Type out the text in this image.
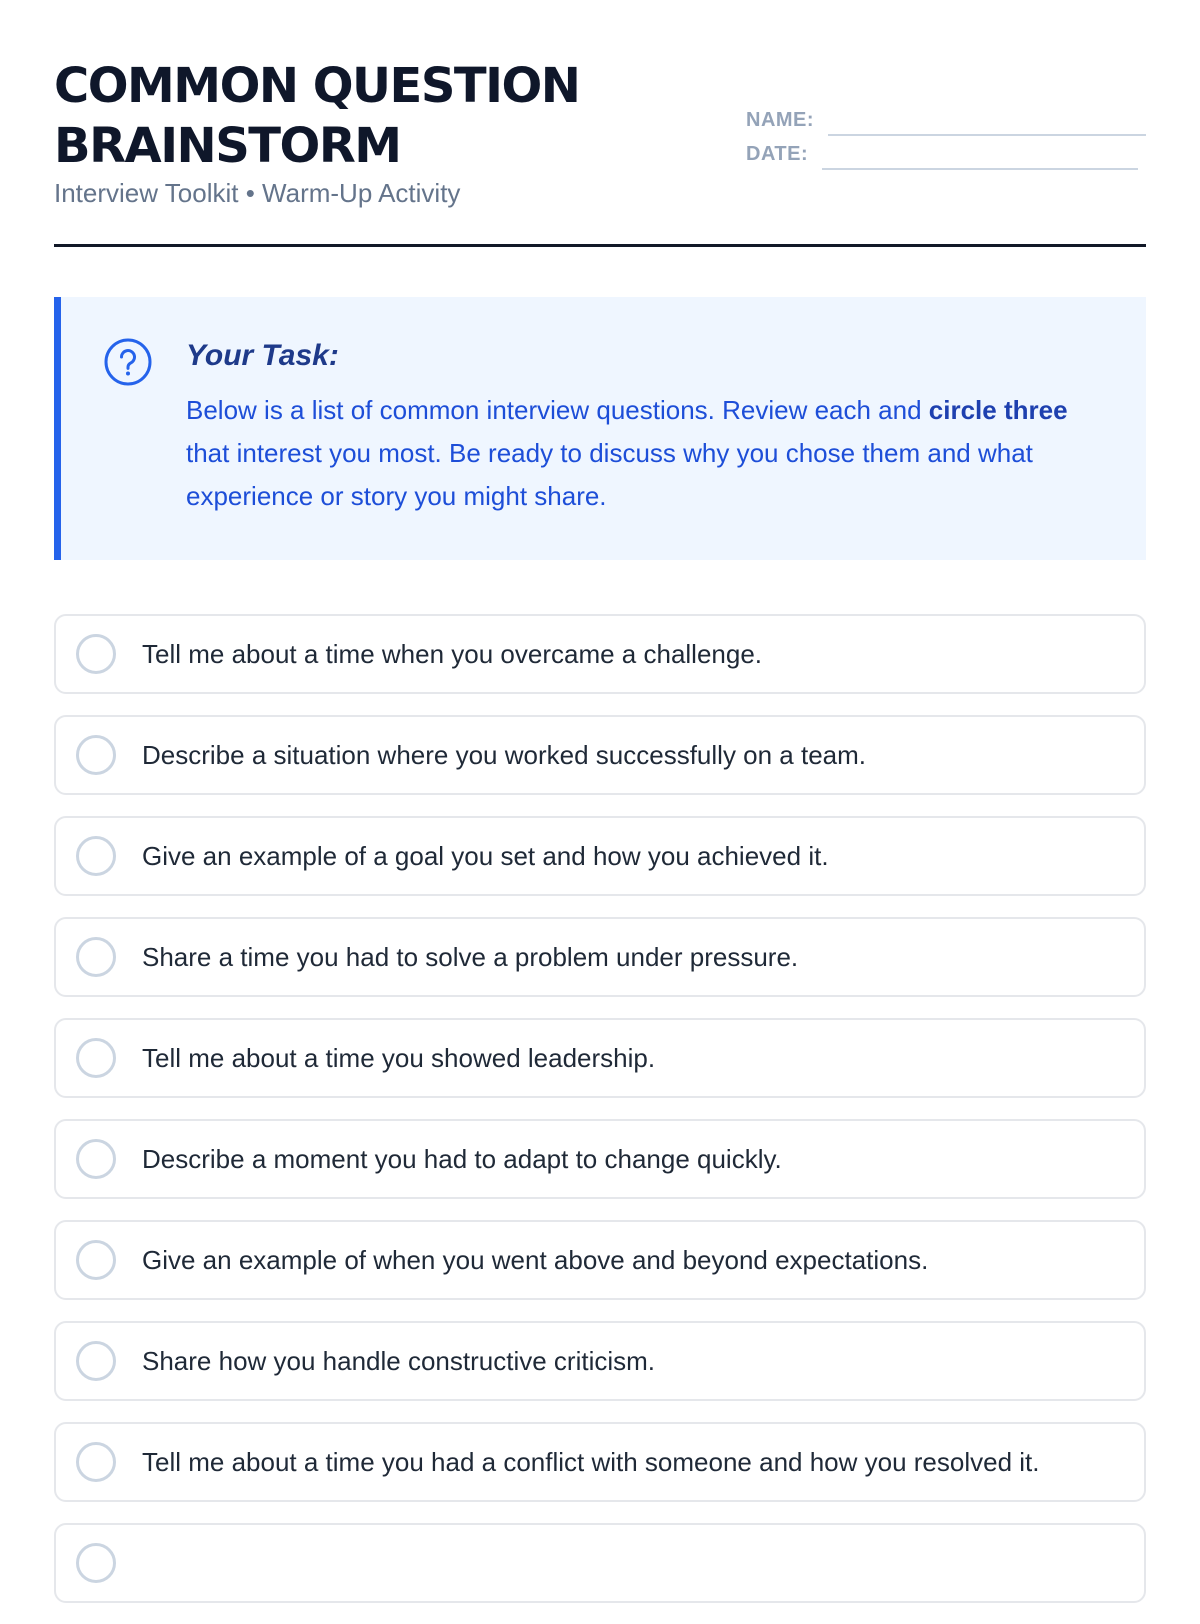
COMMON QUESTION
BRAINSTORM
Interview Toolkit • Warm-Up Activity
NAME:
DATE:
Your Task:
Below is a list of common interview questions. Review each and circle three that interest you most. Be ready to discuss why you chose them and what experience or story you might share.
Tell me about a time when you overcame a challenge.
Describe a situation where you worked successfully on a team.
Give an example of a goal you set and how you achieved it.
Share a time you had to solve a problem under pressure.
Tell me about a time you showed leadership.
Describe a moment you had to adapt to change quickly.
Give an example of when you went above and beyond expectations.
Share how you handle constructive criticism.
Tell me about a time you had a conflict with someone and how you resolved it.
